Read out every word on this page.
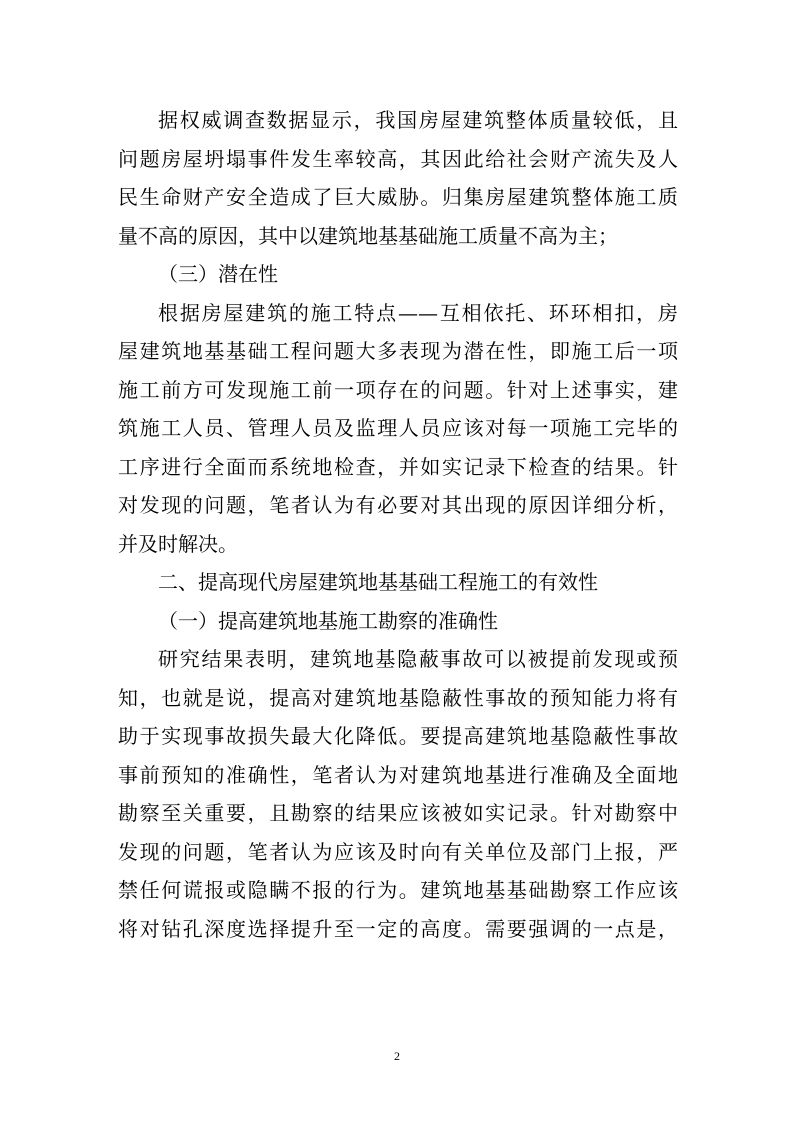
据权威调查数据显示，我国房屋建筑整体质量较低，且
问题房屋坍塌事件发生率较高，其因此给社会财产流失及人
民生命财产安全造成了巨大威胁。归集房屋建筑整体施工质
量不高的原因，其中以建筑地基基础施工质量不高为主；
（三）潜在性
根据房屋建筑的施工特点——互相依托、环环相扣，房
屋建筑地基基础工程问题大多表现为潜在性，即施工后一项
施工前方可发现施工前一项存在的问题。针对上述事实，建
筑施工人员、管理人员及监理人员应该对每一项施工完毕的
工序进行全面而系统地检查，并如实记录下检查的结果。针
对发现的问题，笔者认为有必要对其出现的原因详细分析，
并及时解决。
二、提高现代房屋建筑地基基础工程施工的有效性
（一）提高建筑地基施工勘察的准确性
研究结果表明，建筑地基隐蔽事故可以被提前发现或预
知，也就是说，提高对建筑地基隐蔽性事故的预知能力将有
助于实现事故损失最大化降低。要提高建筑地基隐蔽性事故
事前预知的准确性，笔者认为对建筑地基进行准确及全面地
勘察至关重要，且勘察的结果应该被如实记录。针对勘察中
发现的问题，笔者认为应该及时向有关单位及部门上报，严
禁任何谎报或隐瞒不报的行为。建筑地基基础勘察工作应该
将对钻孔深度选择提升至一定的高度。需要强调的一点是，
2
